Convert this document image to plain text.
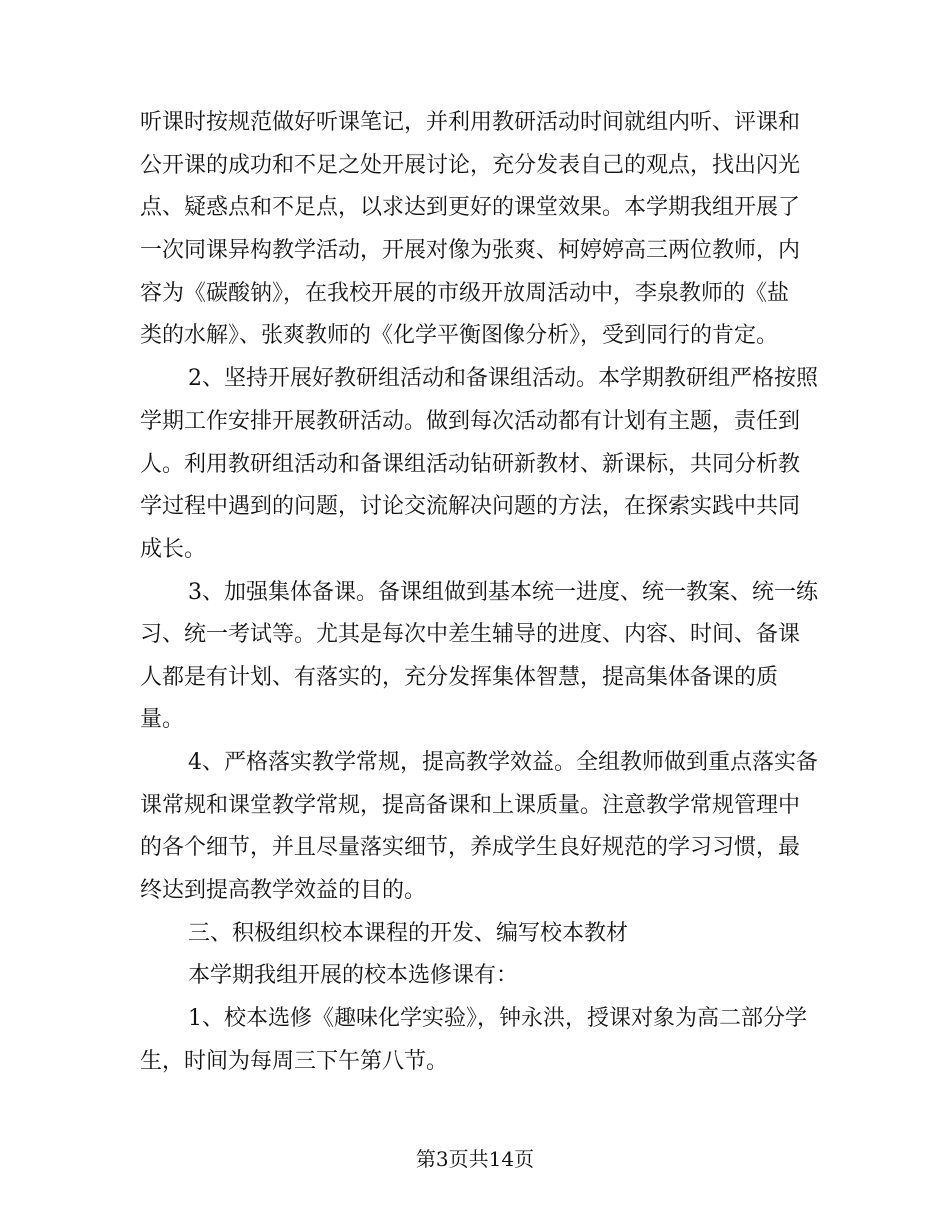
听课时按规范做好听课笔记，并利用教研活动时间就组内听、评课和
公开课的成功和不足之处开展讨论，充分发表自己的观点，找出闪光
点、疑惑点和不足点，以求达到更好的课堂效果。本学期我组开展了
一次同课异构教学活动，开展对像为张爽、柯婷婷高三两位教师，内
容为《碳酸钠》，在我校开展的市级开放周活动中，李泉教师的《盐
类的水解》、张爽教师的《化学平衡图像分析》，受到同行的肯定。
2、坚持开展好教研组活动和备课组活动。本学期教研组严格按照
学期工作安排开展教研活动。做到每次活动都有计划有主题，责任到
人。利用教研组活动和备课组活动钻研新教材、新课标，共同分析教
学过程中遇到的问题，讨论交流解决问题的方法，在探索实践中共同
成长。
3、加强集体备课。备课组做到基本统一进度、统一教案、统一练
习、统一考试等。尤其是每次中差生辅导的进度、内容、时间、备课
人都是有计划、有落实的，充分发挥集体智慧，提高集体备课的质
量。
4、严格落实教学常规，提高教学效益。全组教师做到重点落实备
课常规和课堂教学常规，提高备课和上课质量。注意教学常规管理中
的各个细节，并且尽量落实细节，养成学生良好规范的学习习惯，最
终达到提高教学效益的目的。
三、积极组织校本课程的开发、编写校本教材
本学期我组开展的校本选修课有：
1、校本选修《趣味化学实验》，钟永洪，授课对象为高二部分学
生，时间为每周三下午第八节。
第3页共14页
